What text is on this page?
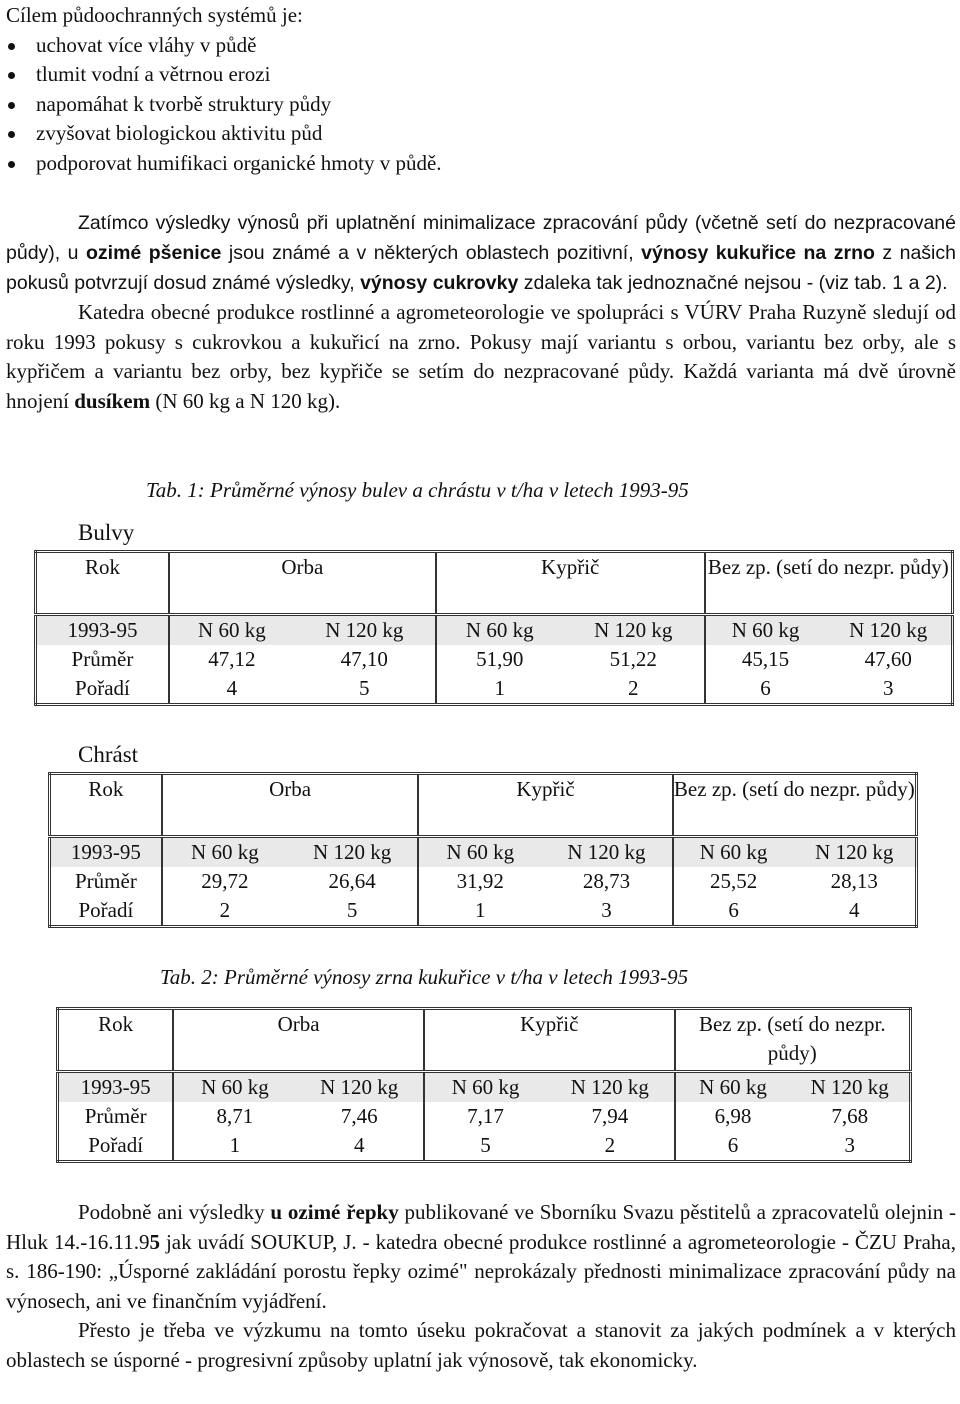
Cílem půdoochranných systémů je:

uchovat více vláhy v půdě
tlumit vodní a větrnou erozi
napomáhat k tvorbě struktury půdy
zvyšovat biologickou aktivitu půd
podporovat humifikaci organické hmoty v půdě.

Zatímco výsledky výnosů při uplatnění minimalizace zpracování půdy (včetně setí do nezpracované půdy), u ozimé pšenice jsou známé a v některých oblastech pozitivní, výnosy kukuřice na zrno z našich pokusů potvrzují dosud známé výsledky, výnosy cukrovky zdaleka tak jednoznačné nejsou - (viz tab. 1 a 2).

Katedra obecné produkce rostlinné a agrometeorologie ve spolupráci s VÚRV Praha Ruzyně sledují od roku 1993 pokusy s cukrovkou a kukuřicí na zrno. Pokusy mají variantu s orbou, variantu bez orby, ale s kypřičem a variantu bez orby, bez kypřiče se setím do nezpracované půdy. Každá varianta má dvě úrovně hnojení dusíkem (N 60 kg a N 120 kg).

Tab. 1: Průměrné výnosy bulev a chrástu v t/ha v letech 1993-95
Bulvy
Rok	Orba		Kypřič		Bez zp. (setí do nezpr. půdy)	
1993-95	N 60 kg	N 120 kg	N 60 kg	N 120 kg	N 60 kg	N 120 kg
Průměr	47,12	47,10	51,90	51,22	45,15	47,60
Pořadí	4	5	1	2	6	3
Chrást
Rok	Orba		Kypřič		Bez zp. (setí do nezpr. půdy)	
1993-95	N 60 kg	N 120 kg	N 60 kg	N 120 kg	N 60 kg	N 120 kg
Průměr	29,72	26,64	31,92	28,73	25,52	28,13
Pořadí	2	5	1	3	6	4
Tab. 2: Průměrné výnosy zrna kukuřice v t/ha v letech 1993-95
Rok	Orba		Kypřič		Bez zp. (setí do nezpr. půdy)	
1993-95	N 60 kg	N 120 kg	N 60 kg	N 120 kg	N 60 kg	N 120 kg
Průměr	8,71	7,46	7,17	7,94	6,98	7,68
Pořadí	1	4	5	2	6	3

Podobně ani výsledky u ozimé řepky publikované ve Sborníku Svazu pěstitelů a zpracovatelů olejnin - Hluk 14.-16.11.95 jak uvádí SOUKUP, J. - katedra obecné produkce rostlinné a agrometeorologie - ČZU Praha, s. 186-190: „Úsporné zakládání porostu řepky ozimé" neprokázaly přednosti minimalizace zpracování půdy na výnosech, ani ve finančním vyjádření.

Přesto je třeba ve výzkumu na tomto úseku pokračovat a stanovit za jakých podmínek a v kterých oblastech se úsporné - progresivní způsoby uplatní jak výnosově, tak ekonomicky.
